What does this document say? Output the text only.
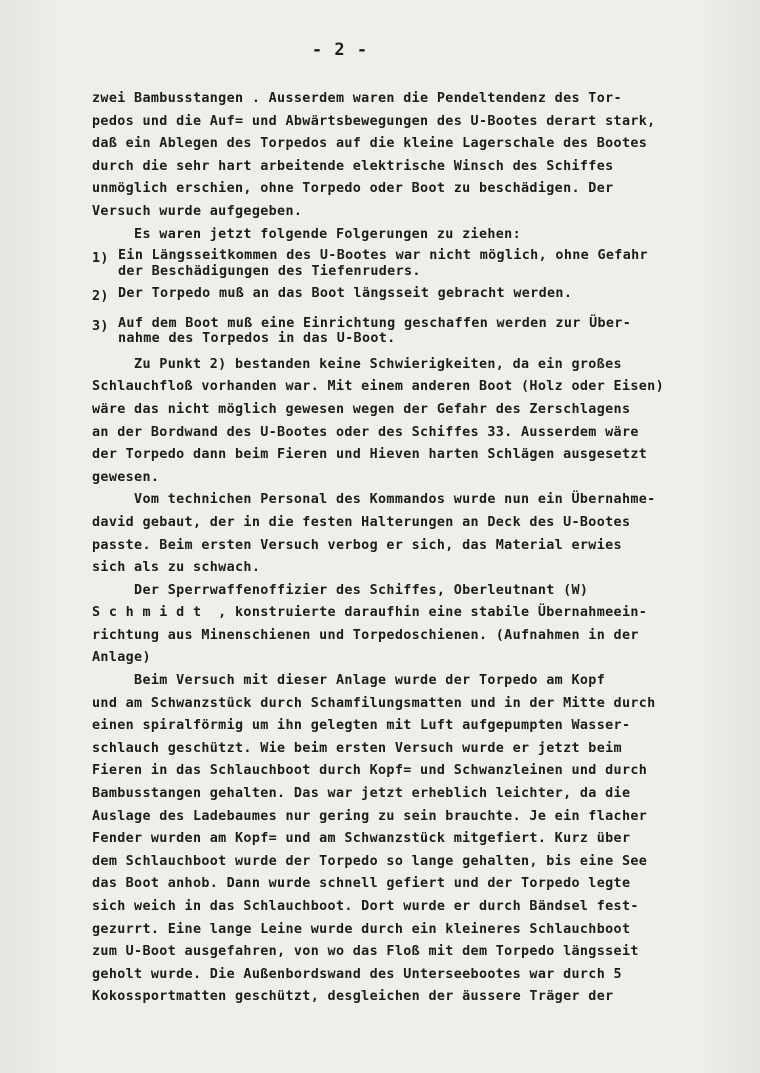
- 2 -
zwei Bambusstangen . Ausserdem waren die Pendeltendenz des Tor-
pedos und die Auf= und Abwärtsbewegungen des U-Bootes derart stark,
daß ein Ablegen des Torpedos auf die kleine Lagerschale des Bootes
durch die sehr hart arbeitende elektrische Winsch des Schiffes
unmöglich erschien, ohne Torpedo oder Boot zu beschädigen. Der
Versuch wurde aufgegeben.
Es waren jetzt folgende Folgerungen zu ziehen:
1) Ein Längsseitkommen des U-Bootes war nicht möglich, ohne Gefahr
der Beschädigungen des Tiefenruders.
2) Der Torpedo muß an das Boot längsseit gebracht werden.
3) Auf dem Boot muß eine Einrichtung geschaffen werden zur Über-
nahme des Torpedos in das U-Boot.
Zu Punkt 2) bestanden keine Schwierigkeiten, da ein großes
Schlauchfloß vorhanden war. Mit einem anderen Boot (Holz oder Eisen)
wäre das nicht möglich gewesen wegen der Gefahr des Zerschlagens
an der Bordwand des U-Bootes oder des Schiffes 33. Ausserdem wäre
der Torpedo dann beim Fieren und Hieven harten Schlägen ausgesetzt
gewesen.
Vom technichen Personal des Kommandos wurde nun ein Übernahme-
david gebaut, der in die festen Halterungen an Deck des U-Bootes
passte. Beim ersten Versuch verbog er sich, das Material erwies
sich als zu schwach.
Der Sperrwaffenoffizier des Schiffes, Oberleutnant (W)
S c h m i d t  , konstruierte daraufhin eine stabile Übernahmeein-
richtung aus Minenschienen und Torpedoschienen. (Aufnahmen in der
Anlage)
Beim Versuch mit dieser Anlage wurde der Torpedo am Kopf
und am Schwanzstück durch Schamfilungsmatten und in der Mitte durch
einen spiralförmig um ihn gelegten mit Luft aufgepumpten Wasser-
schlauch geschützt. Wie beim ersten Versuch wurde er jetzt beim
Fieren in das Schlauchboot durch Kopf= und Schwanzleinen und durch
Bambusstangen gehalten. Das war jetzt erheblich leichter, da die
Auslage des Ladebaumes nur gering zu sein brauchte. Je ein flacher
Fender wurden am Kopf= und am Schwanzstück mitgefiert. Kurz über
dem Schlauchboot wurde der Torpedo so lange gehalten, bis eine See
das Boot anhob. Dann wurde schnell gefiert und der Torpedo legte
sich weich in das Schlauchboot. Dort wurde er durch Bändsel fest-
gezurrt. Eine lange Leine wurde durch ein kleineres Schlauchboot
zum U-Boot ausgefahren, von wo das Floß mit dem Torpedo längsseit
geholt wurde. Die Außenbordswand des Unterseebootes war durch 5
Kokossportmatten geschützt, desgleichen der äussere Träger der
